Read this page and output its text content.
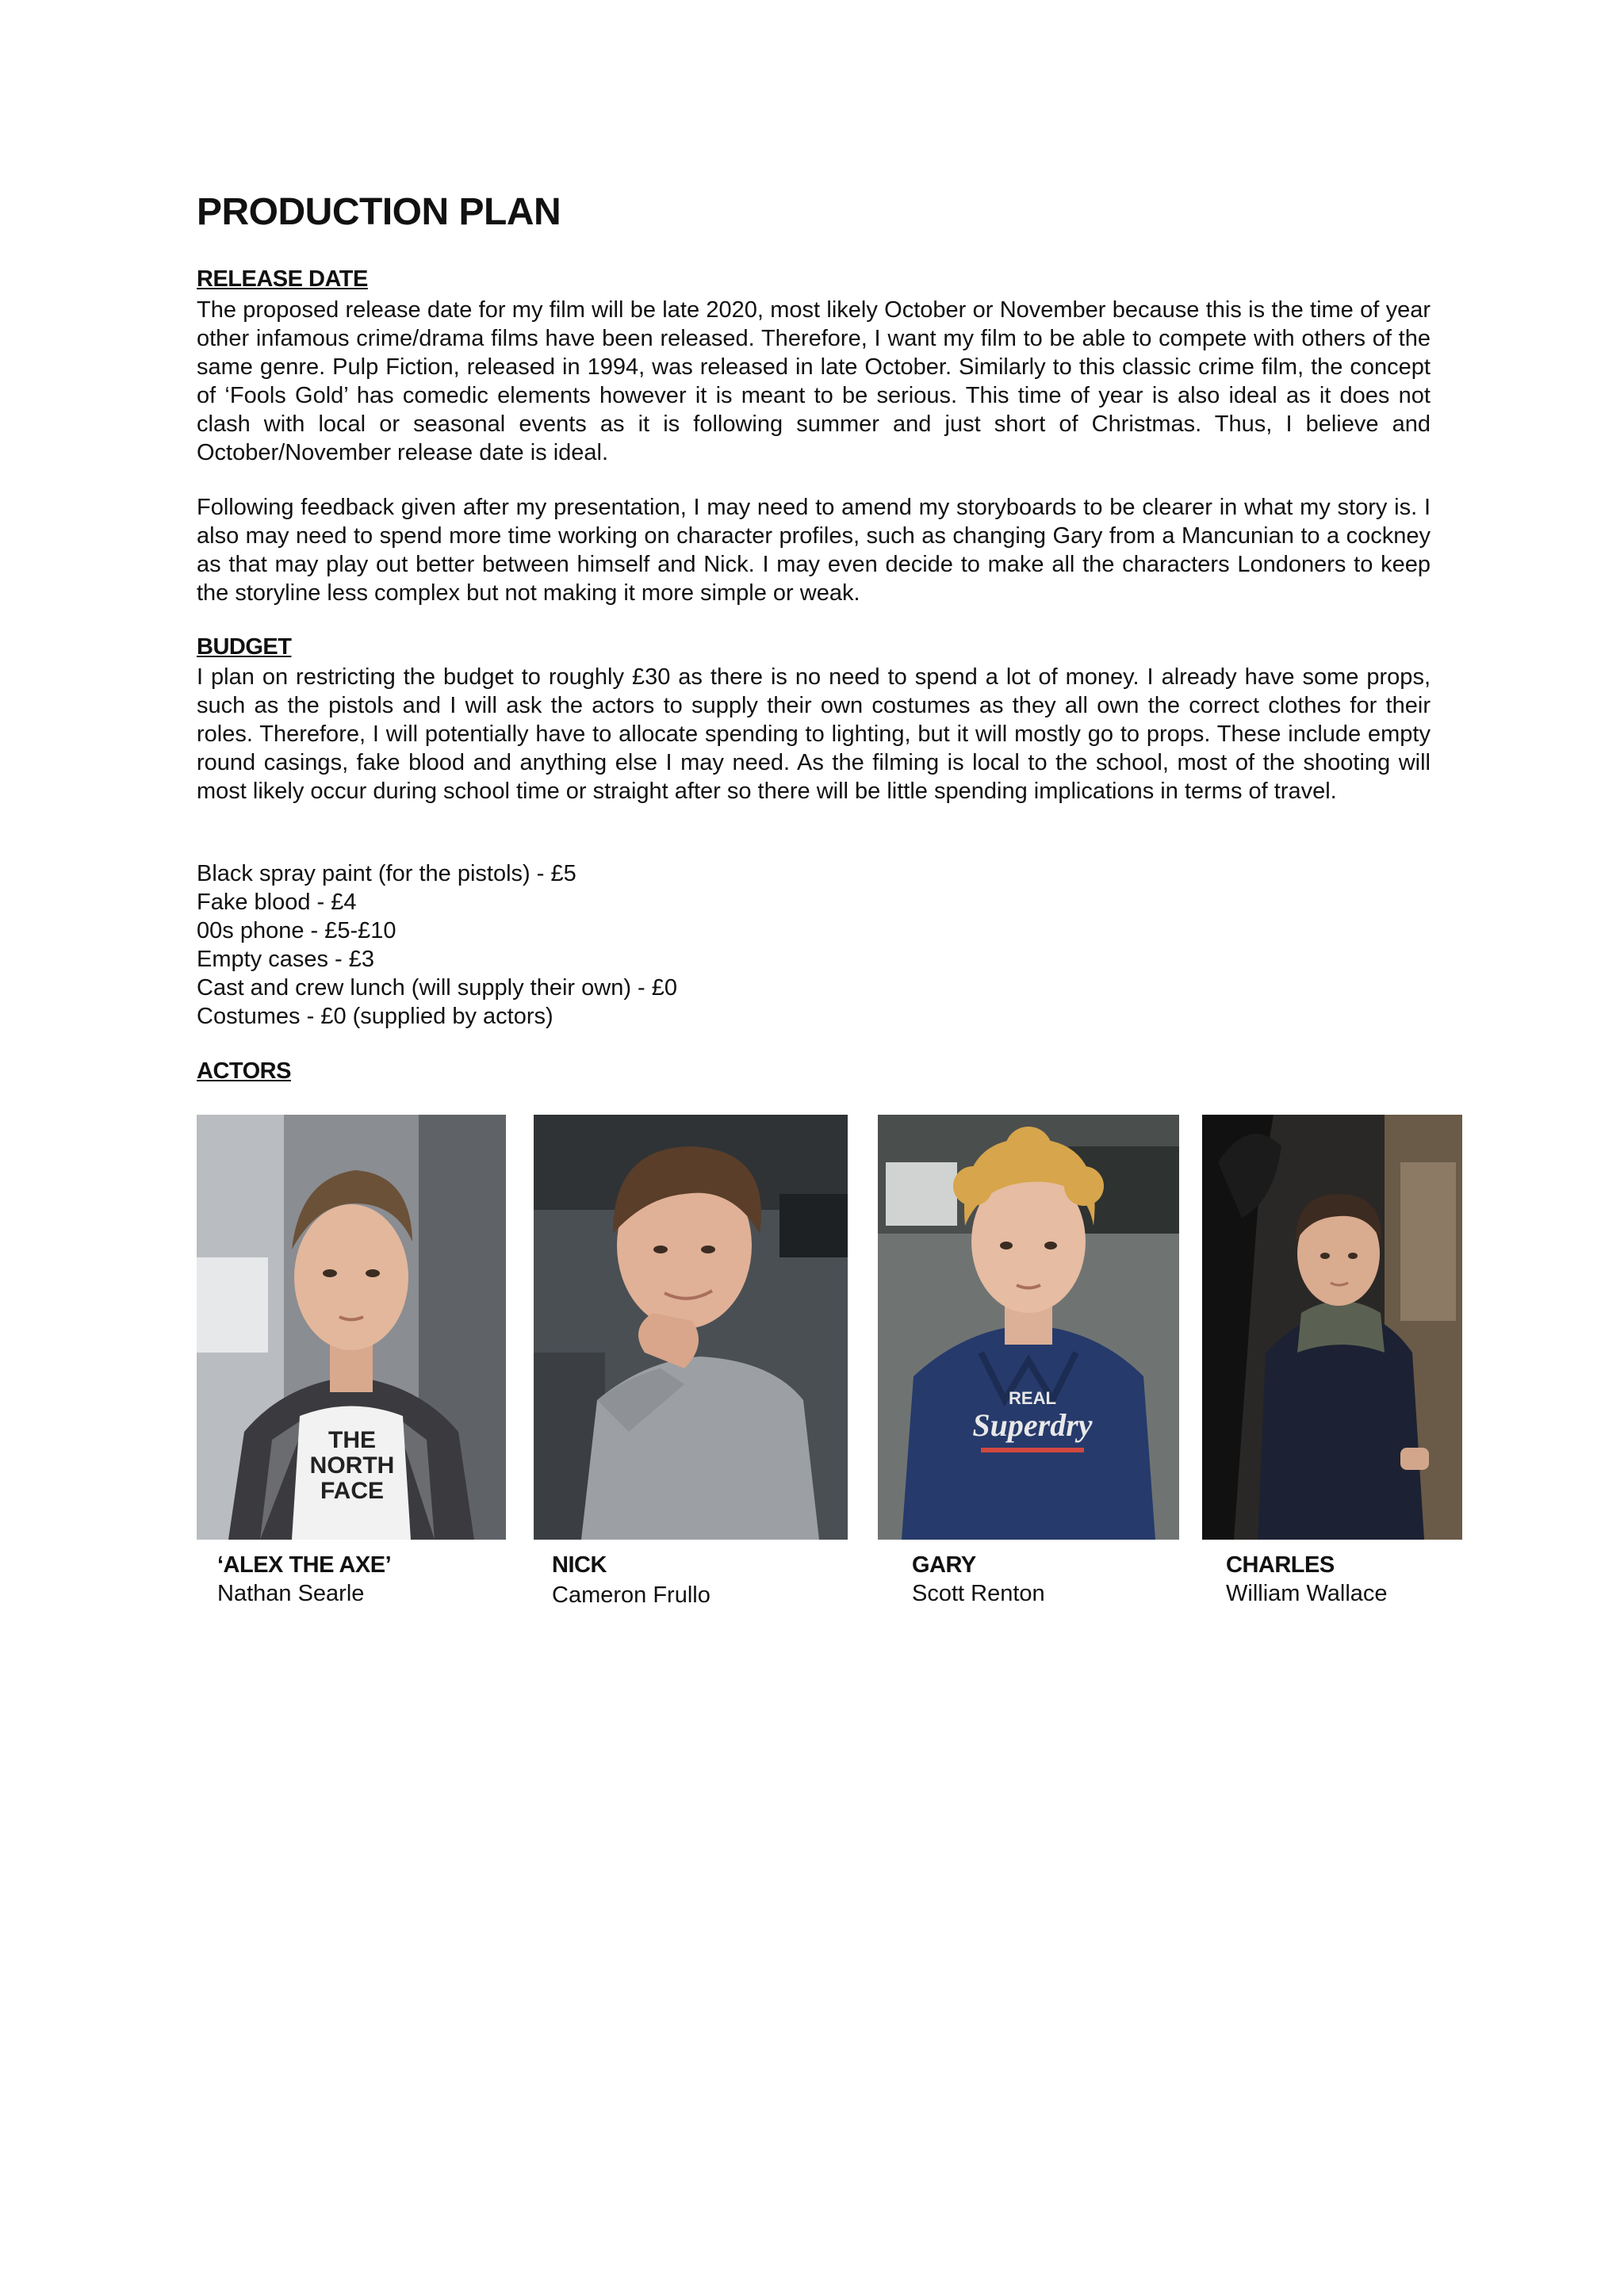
PRODUCTION PLAN
RELEASE DATE

The proposed release date for my film will be late 2020, most likely October or November because this is the time of year other infamous crime/drama films have been released. Therefore, I want my film to be able to compete with others of the same genre. Pulp Fiction, released in 1994, was released in late October. Similarly to this classic crime film, the concept of ‘Fools Gold’ has comedic elements however it is meant to be serious. This time of year is also ideal as it does not clash with local or seasonal events as it is following summer and just short of Christmas. Thus, I believe and October/November release date is ideal.

Following feedback given after my presentation, I may need to amend my storyboards to be clearer in what my story is. I also may need to spend more time working on character profiles, such as changing Gary from a Mancunian to a cockney as that may play out better between himself and Nick. I may even decide to make all the characters Londoners to keep the storyline less complex but not making it more simple or weak.

BUDGET

I plan on restricting the budget to roughly £30 as there is no need to spend a lot of money. I already have some props, such as the pistols and I will ask the actors to supply their own costumes as they all own the correct clothes for their roles. Therefore, I will potentially have to allocate spending to lighting, but it will mostly go to props. These include empty round casings, fake blood and anything else I may need. As the filming is local to the school, most of the shooting will most likely occur during school time or straight after so there will be little spending implications in terms of travel.

Black spray paint (for the pistols) - £5
Fake blood - £4
00s phone - £5-£10
Empty cases - £3
Cast and crew lunch (will supply their own) - £0
Costumes - £0 (supplied by actors)
ACTORS
THE
NORTH
FACE
REAL
Superdry
‘ALEX THE AXE’
Nathan Searle
NICK
Cameron Frullo
GARY
Scott Renton
CHARLES
William Wallace
